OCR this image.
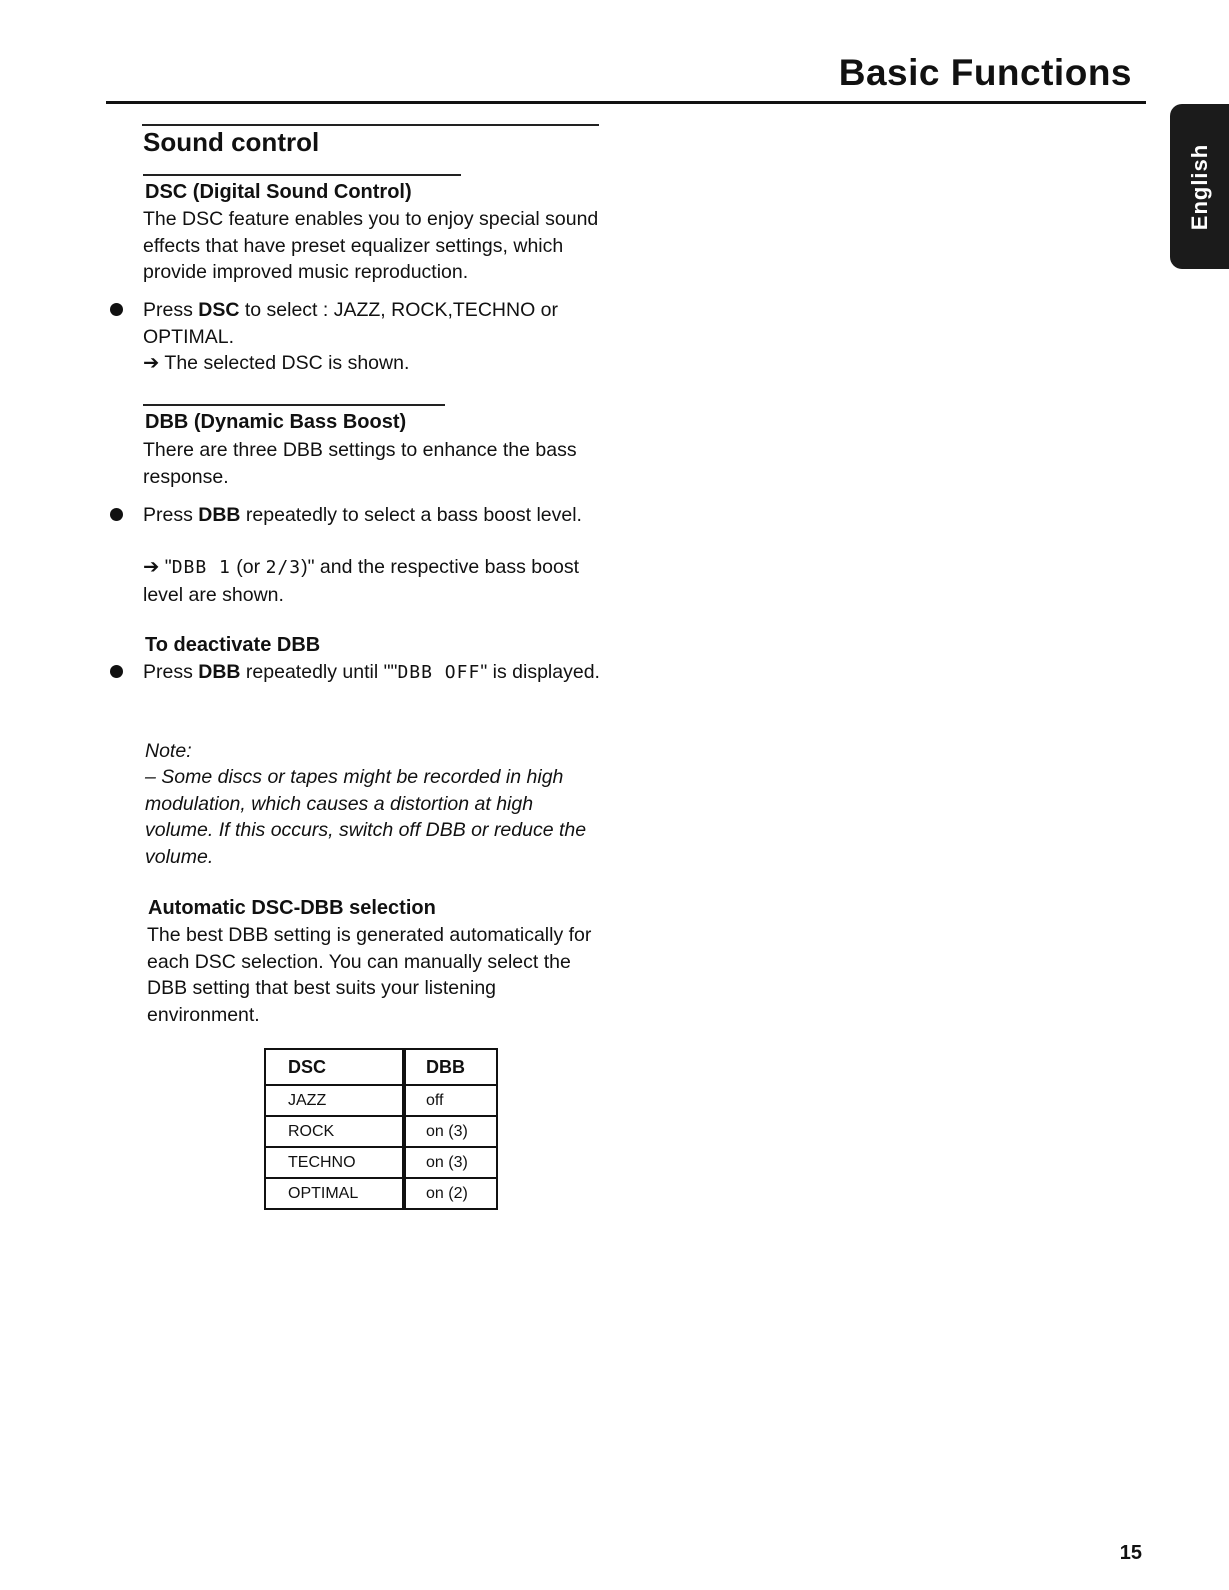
Basic Functions
English
Sound control
DSC (Digital Sound Control)
The DSC feature enables you to enjoy special sound effects that have preset equalizer settings, which provide improved music reproduction.
Press DSC to select : JAZZ, ROCK,TECHNO or OPTIMAL.
➔ The selected DSC is shown.
DBB (Dynamic Bass Boost)
There are three DBB settings to enhance the bass response.
Press DBB repeatedly to select a bass boost level.
➔ "DBB 1 (or 2/3)" and the respective bass boost level are shown.
To deactivate DBB
Press DBB repeatedly until ""DBB OFF" is displayed.
Note:
– Some discs or tapes might be recorded in high modulation, which causes a distortion at high volume. If this occurs, switch off DBB or reduce the volume.
Automatic DSC-DBB selection
The best DBB setting is generated automatically for each DSC selection. You can manually select the DBB setting that best suits your listening environment.
DSC	DBB
JAZZ	off
ROCK	on (3)
TECHNO	on (3)
OPTIMAL	on (2)
15
